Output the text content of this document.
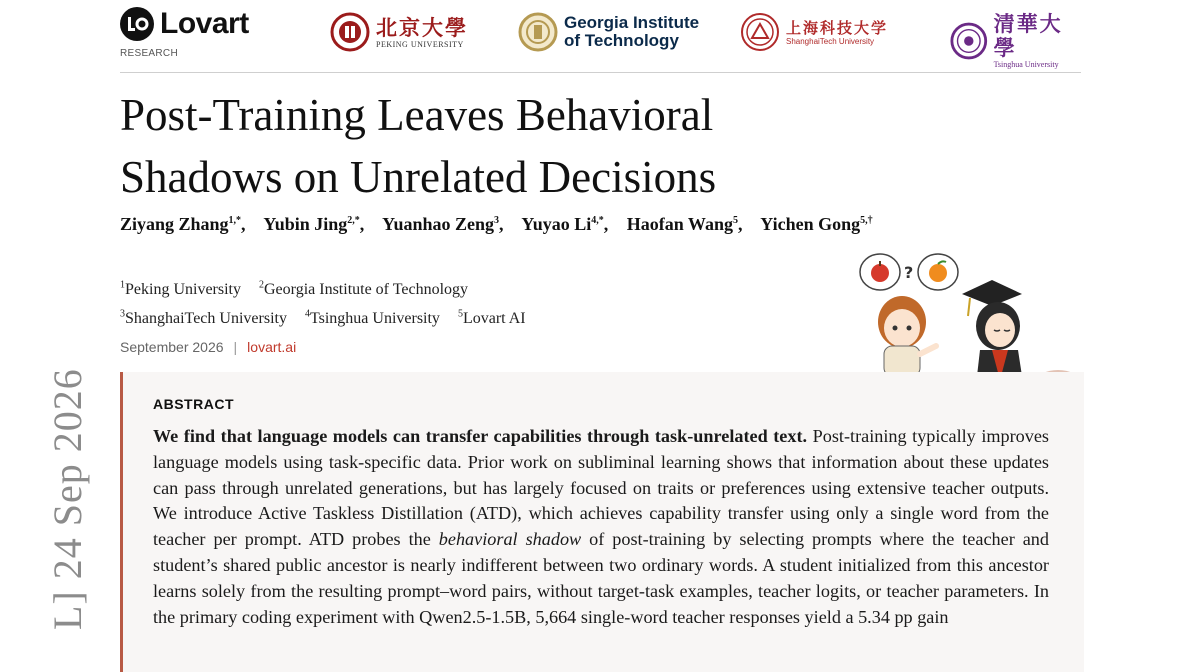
L] 24 Sep 2026
Lovart
RESEARCH
北京大學
PEKING UNIVERSITY
Georgia Institute
of Technology
上海科技大学
ShanghaiTech University
清華大學
Tsinghua University
Post-Training Leaves Behavioral
Shadows on Unrelated Decisions
Ziyang Zhang$^{1,*}$, Yubin Jing$^{2,*}$, Yuanhao Zeng$^3$, Yuyao $Li^{4,*}$, Haofan Wang$^5$, Yichen Gong$^{5,\dagger}$
$^1$Peking University $^2$Georgia Institute of Technology
$^3$ShanghaiTech University $^4$Tsinghua University $^5$Lovart AI
September 2026 | lovart.ai
?
ABSTRACT
We find that language models can transfer capabilities through task-unrelated text. Post-training typically improves language models using task-specific data. Prior work on subliminal learning shows that information about these updates can pass through unrelated generations, but has largely focused on traits or preferences using extensive teacher outputs. We introduce Active Taskless Distillation (ATD), which achieves capability transfer using only a single word from the teacher per prompt. ATD probes the behavioral shadow of post-training by selecting prompts where the teacher and student’s shared public ancestor is nearly indifferent between two ordinary words. A student initialized from this ancestor learns solely from the resulting prompt–word pairs, without target-task examples, teacher logits, or teacher parameters. In the primary coding experiment with Qwen2.5-1.5B, 5,664 single-word teacher responses yield a 5.34 pp gain
